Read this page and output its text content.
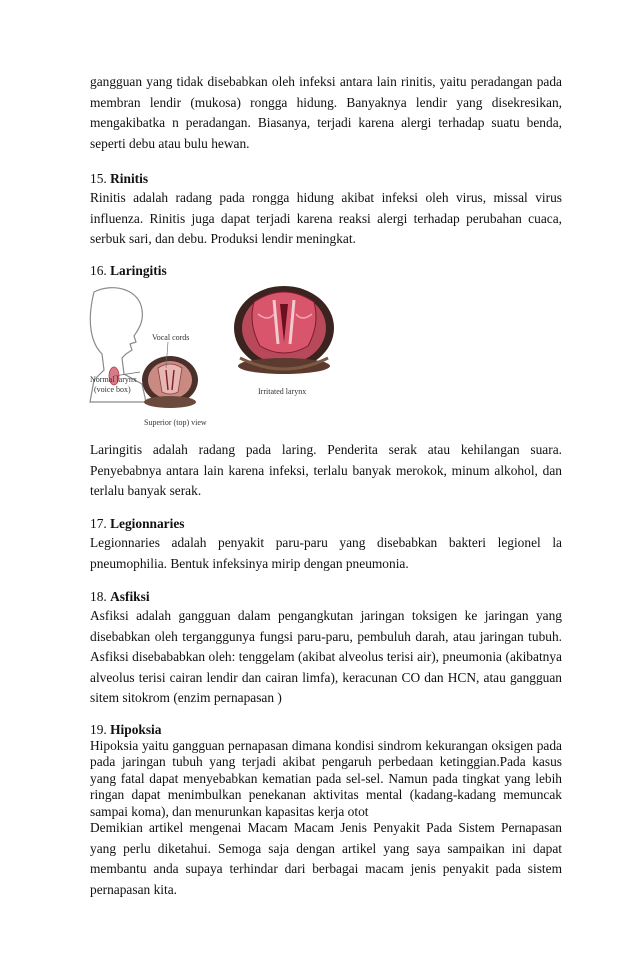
gangguan yang tidak disebabkan oleh infeksi antara lain rinitis, yaitu peradangan pada membran lendir (mukosa) rongga hidung. Banyaknya lendir yang disekresikan, mengakibatka n peradangan. Biasanya, terjadi karena alergi terhadap suatu benda, seperti debu atau bulu hewan.

15. Rinitis

Rinitis adalah radang pada rongga hidung akibat infeksi oleh virus, missal virus influenza. Rinitis juga dapat terjadi karena reaksi alergi terhadap perubahan cuaca, serbuk sari, dan debu. Produksi lendir meningkat.

16. Laringitis
Vocal cords
Normal larynx
(voice box)
Superior (top) view
Irritated larynx

Laringitis adalah radang pada laring. Penderita serak atau kehilangan suara. Penyebabnya antara lain karena infeksi, terlalu banyak merokok, minum alkohol, dan terlalu banyak serak.

17. Legionnaries

Legionnaries adalah penyakit paru-paru yang disebabkan bakteri legionel la pneumophilia. Bentuk infeksinya mirip dengan pneumonia.

18. Asfiksi

Asfiksi adalah gangguan dalam pengangkutan jaringan toksigen ke jaringan yang disebabkan oleh terganggunya fungsi paru-paru, pembuluh darah, atau jaringan tubuh. Asfiksi disebababkan oleh: tenggelam (akibat alveolus terisi air), pneumonia (akibatnya alveolus terisi cairan lendir dan cairan limfa), keracunan CO dan HCN, atau gangguan sitem sitokrom (enzim pernapasan )

19. Hipoksia

Hipoksia yaitu gangguan pernapasan dimana kondisi sindrom kekurangan oksigen pada pada jaringan tubuh yang terjadi akibat pengaruh perbedaan ketinggian.Pada kasus yang fatal dapat menyebabkan kematian pada sel-sel. Namun pada tingkat yang lebih ringan dapat menimbulkan penekanan aktivitas mental (kadang-kadang memuncak sampai koma), dan menurunkan kapasitas kerja otot

Demikian artikel mengenai Macam Macam Jenis Penyakit Pada Sistem Pernapasan yang perlu diketahui. Semoga saja dengan artikel yang saya sampaikan ini dapat membantu anda supaya terhindar dari berbagai macam jenis penyakit pada sistem pernapasan kita.
